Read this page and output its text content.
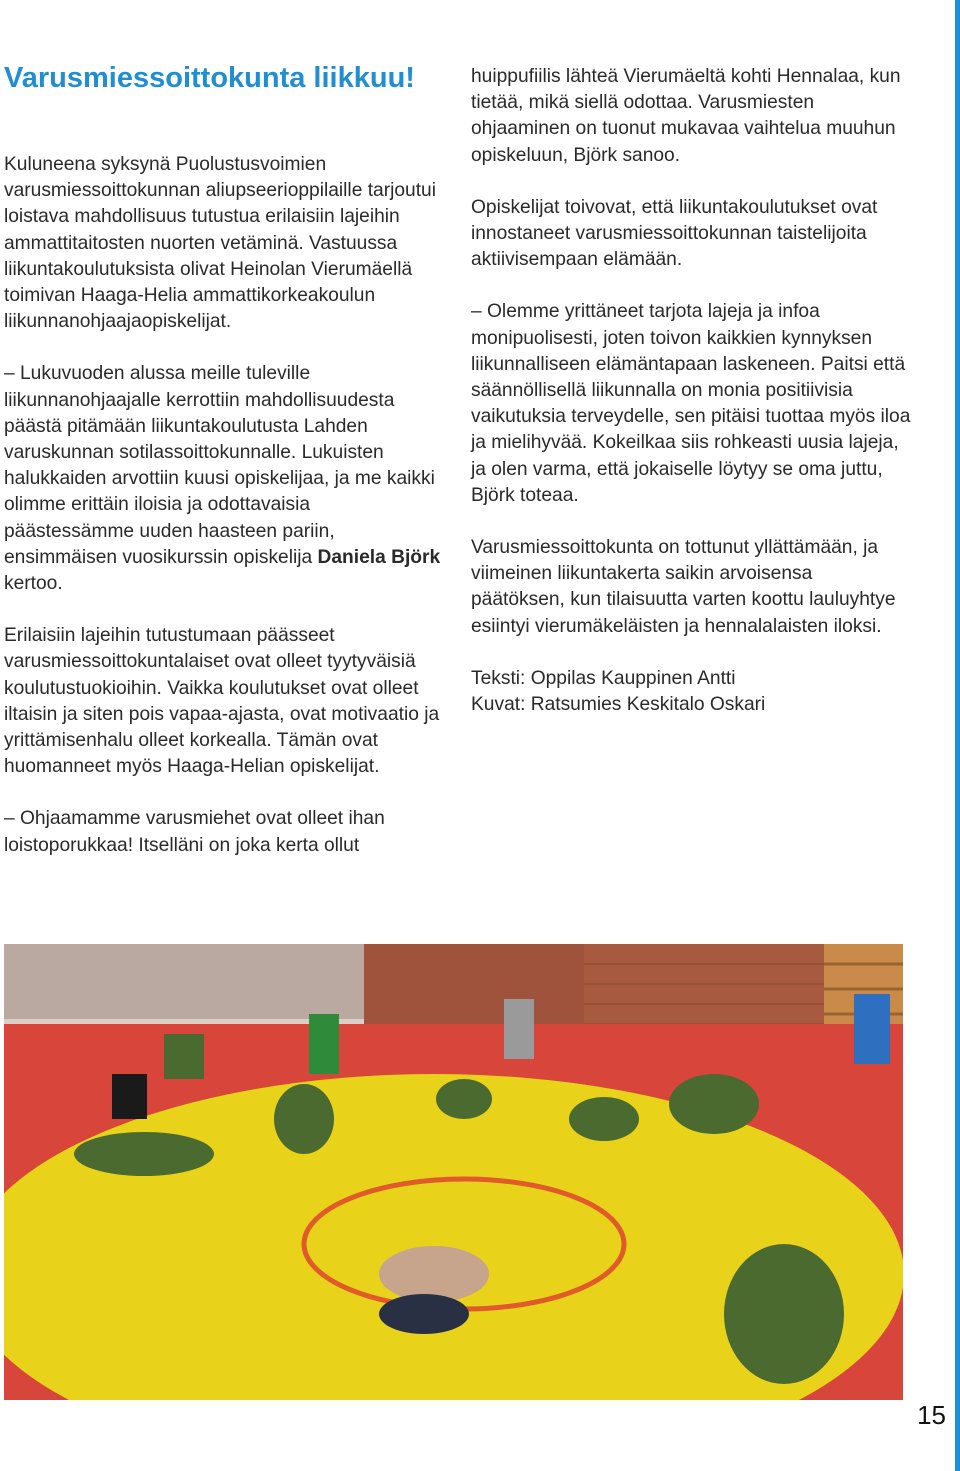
Varusmiessoittokunta liikkuu!

Kuluneena syksynä Puolustusvoimien varusmiessoittokunnan aliupseerioppilaille tarjoutui loistava mahdollisuus tutustua erilaisiin lajeihin ammattitaitosten nuorten vetäminä. Vastuussa liikuntakoulutuksista olivat Heinolan Vierumäellä toimivan Haaga-Helia ammattikorkeakoulun liikunnanohjaajaopiskelijat.

– Lukuvuoden alussa meille tuleville liikunnanohjaajalle kerrottiin mahdollisuudesta päästä pitämään liikuntakoulutusta Lahden varuskunnan sotilassoittokunnalle. Lukuisten halukkaiden arvottiin kuusi opiskelijaa, ja me kaikki olimme erittäin iloisia ja odottavaisia päästessämme uuden haasteen pariin, ensimmäisen vuosikurssin opiskelija Daniela Björk kertoo.

Erilaisiin lajeihin tutustumaan päässeet varusmiessoittokuntalaiset ovat olleet tyytyväisiä koulutustuokioihin. Vaikka koulutukset ovat olleet iltaisin ja siten pois vapaa-ajasta, ovat motivaatio ja yrittämisenhalu olleet korkealla. Tämän ovat huomanneet myös Haaga-Helian opiskelijat.

– Ohjaamamme varusmiehet ovat olleet ihan loistoporukkaa! Itselläni on joka kerta ollut

huippufiilis lähteä Vierumäeltä kohti Hennalaa, kun tietää, mikä siellä odottaa. Varusmiesten ohjaaminen on tuonut mukavaa vaihtelua muuhun opiskeluun, Björk sanoo.

Opiskelijat toivovat, että liikuntakoulutukset ovat innostaneet varusmiessoittokunnan taistelijoita aktiivisempaan elämään.

– Olemme yrittäneet tarjota lajeja ja infoa monipuolisesti, joten toivon kaikkien kynnyksen liikunnalliseen elämäntapaan laskeneen. Paitsi että säännöllisellä liikunnalla on monia positiivisia vaikutuksia terveydelle, sen pitäisi tuottaa myös iloa ja mielihyvää. Kokeilkaa siis rohkeasti uusia lajeja, ja olen varma, että jokaiselle löytyy se oma juttu, Björk toteaa.

Varusmiessoittokunta on tottunut yllättämään, ja viimeinen liikuntakerta saikin arvoisensa päätöksen, kun tilaisuutta varten koottu lauluyhtye esiintyi vierumäkeläisten ja hennalalaisten iloksi.

Teksti: Oppilas Kauppinen Antti
Kuvat: Ratsumies Keskitalo Oskari

15
